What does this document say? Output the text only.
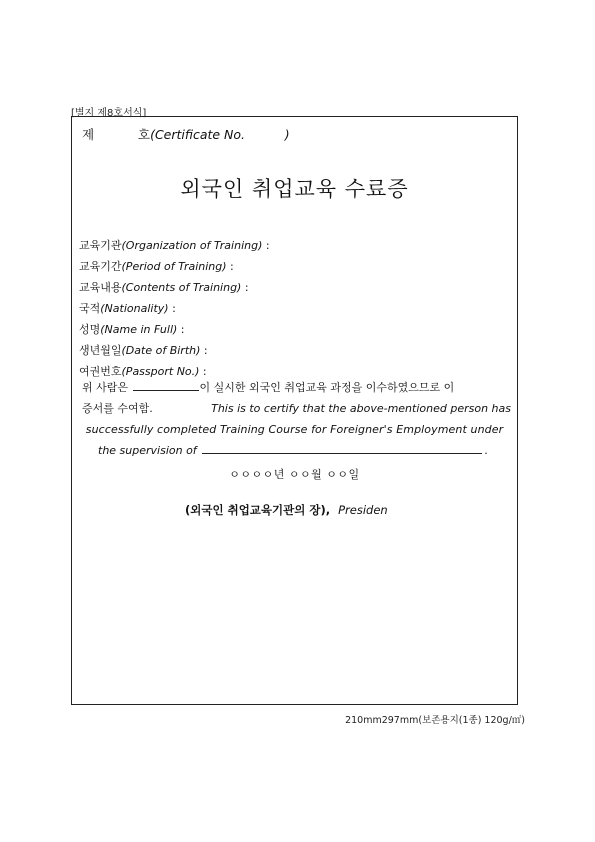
[별지 제8호서식]
제	호(Certificate No.          )
외국인 취업교육 수료증
교육기관(Organization of Training) :
교육기간(Period of Training) :
교육내용(Contents of Training) :
국적(Nationality) :
성명(Name in Full) :
생년월일(Date of Birth) :
여권번호(Passport No.) :
위 사람은	이 실시한 외국인 취업교육 과정을 이수하였으므로 이
증서를 수여함.	This is to certify that the above-mentioned person has
successfully completed Training Course for Foreigner's Employment under
the supervision of	.
ㅇㅇㅇㅇ년 ㅇㅇ월 ㅇㅇ일
(외국인 취업교육기관의 장), Presiden
210mm297mm(보존용지(1종) 120g/㎡)
